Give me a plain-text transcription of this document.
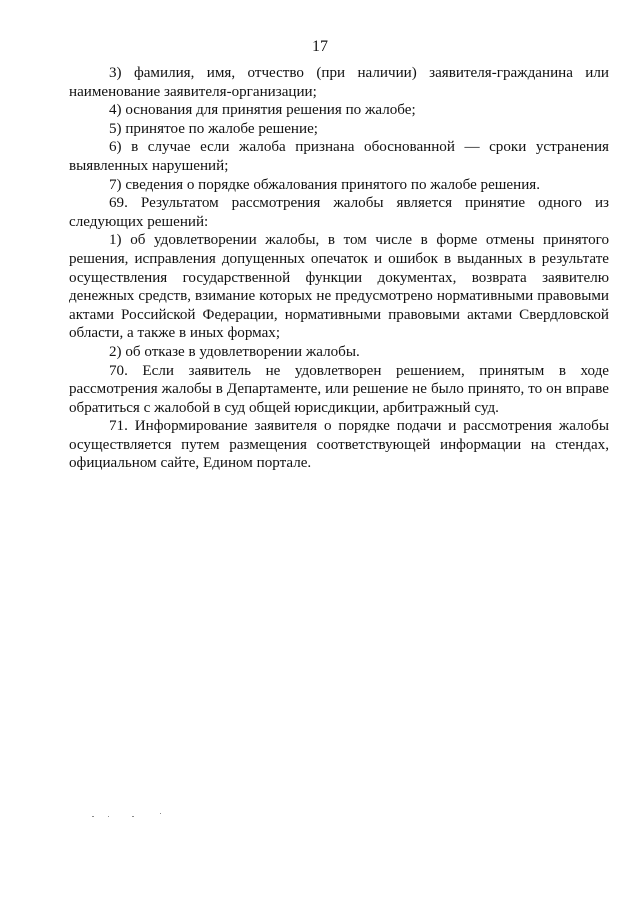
17

3) фамилия, имя, отчество (при наличии) заявителя-гражданина или наименование заявителя-организации;

4) основания для принятия решения по жалобе;

5) принятое по жалобе решение;

6) в случае если жалоба признана обоснованной — сроки устранения выявленных нарушений;

7) сведения о порядке обжалования принятого по жалобе решения.

69. Результатом рассмотрения жалобы является принятие одного из следующих решений:

1) об удовлетворении жалобы, в том числе в форме отмены принятого решения, исправления допущенных опечаток и ошибок в выданных в результате осуществления государственной функции документах, возврата заявителю денежных средств, взимание которых не предусмотрено нормативными правовыми актами Российской Федерации, нормативными правовыми актами Свердловской области, а также в иных формах;

2) об отказе в удовлетворении жалобы.

70. Если заявитель не удовлетворен решением, принятым в ходе рассмотрения жалобы в Департаменте, или решение не было принято, то он вправе обратиться с жалобой в суд общей юрисдикции, арбитражный суд.

71. Информирование заявителя о порядке подачи и рассмотрения жалобы осуществляется путем размещения соответствующей информации на стендах, официальном сайте, Едином портале.
